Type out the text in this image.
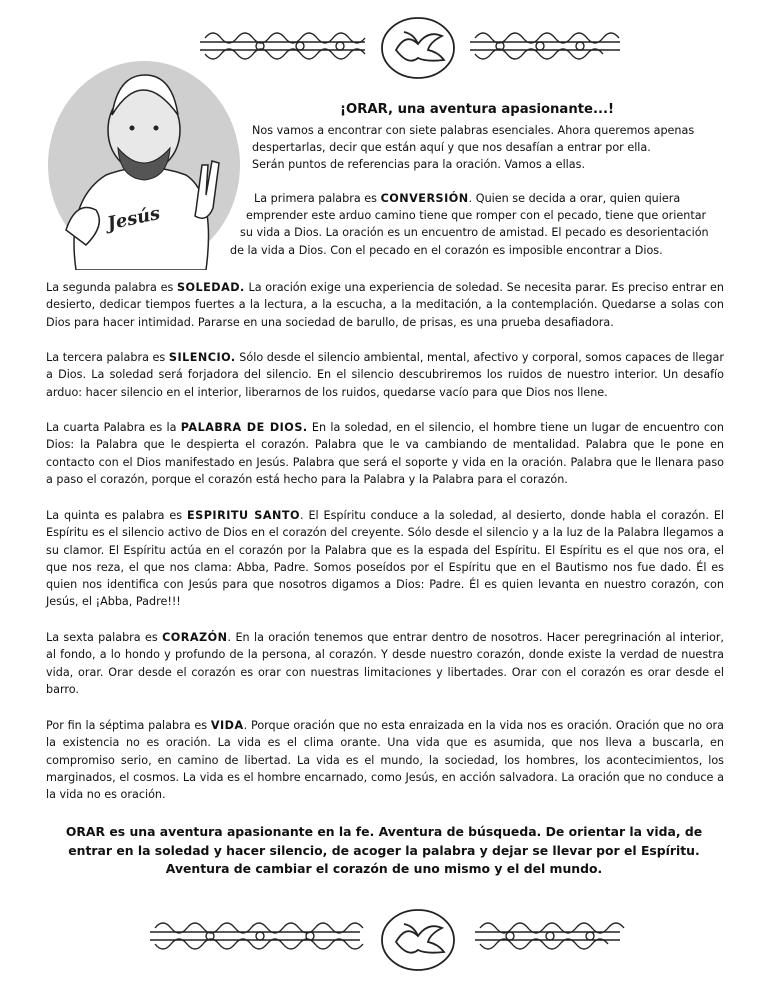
Jesús
¡ORAR, una aventura apasionante...!
Nos vamos a encontrar con siete palabras esenciales. Ahora queremos apenas
despertarlas, decir que están aquí y que nos desafían a entrar por ella.
Serán puntos de referencias para la oración. Vamos a ellas.
La primera palabra es CONVERSIÓN. Quien se decida a orar, quien quiera
emprender este arduo camino tiene que romper con el pecado, tiene que orientar
su vida a Dios. La oración es un encuentro de amistad. El pecado es desorientación
de la vida a Dios. Con el pecado en el corazón es imposible encontrar a Dios.
La segunda palabra es SOLEDAD. La oración exige una experiencia de soledad. Se necesita parar. Es preciso entrar en desierto, dedicar tiempos fuertes a la lectura, a la escucha, a la meditación, a la contemplación. Quedarse a solas con Dios para hacer intimidad. Pararse en una sociedad de barullo, de prisas, es una prueba desafiadora.
La tercera palabra es SILENCIO. Sólo desde el silencio ambiental, mental, afectivo y corporal, somos capaces de llegar a Dios. La soledad será forjadora del silencio. En el silencio descubriremos los ruidos de nuestro interior. Un desafío arduo: hacer silencio en el interior, liberarnos de los ruidos, quedarse vacío para que Dios nos llene.
La cuarta Palabra es la PALABRA DE DIOS. En la soledad, en el silencio, el hombre tiene un lugar de encuentro con Dios: la Palabra que le despierta el corazón. Palabra que le va cambiando de mentalidad. Palabra que le pone en contacto con el Dios manifestado en Jesús. Palabra que será el soporte y vida en la oración. Palabra que le llenara paso a paso el corazón, porque el corazón está hecho para la Palabra y la Palabra para el corazón.
La quinta es palabra es ESPIRITU SANTO. El Espíritu conduce a la soledad, al desierto, donde habla el corazón. El Espíritu es el silencio activo de Dios en el corazón del creyente. Sólo desde el silencio y a la luz de la Palabra llegamos a su clamor. El Espíritu actúa en el corazón por la Palabra que es la espada del Espíritu. El Espíritu es el que nos ora, el que nos reza, el que nos clama: Abba, Padre. Somos poseídos por el Espíritu que en el Bautismo nos fue dado. Él es quien nos identifica con Jesús para que nosotros digamos a Dios: Padre. Él es quien levanta en nuestro corazón, con Jesús, el ¡Abba, Padre!!!
La sexta palabra es CORAZÓN. En la oración tenemos que entrar dentro de nosotros. Hacer peregrinación al interior, al fondo, a lo hondo y profundo de la persona, al corazón. Y desde nuestro corazón, donde existe la verdad de nuestra vida, orar. Orar desde el corazón es orar con nuestras limitaciones y libertades. Orar con el corazón es orar desde el barro.
Por fin la séptima palabra es VIDA. Porque oración que no esta enraizada en la vida nos es oración. Oración que no ora la existencia no es oración. La vida es el clima orante. Una vida que es asumida, que nos lleva a buscarla, en compromiso serio, en camino de libertad. La vida es el mundo, la sociedad, los hombres, los acontecimientos, los marginados, el cosmos. La vida es el hombre encarnado, como Jesús, en acción salvadora. La oración que no conduce a la vida no es oración.
ORAR es una aventura apasionante en la fe. Aventura de búsqueda. De orientar la vida, de entrar en la soledad y hacer silencio, de acoger la palabra y dejar se llevar por el Espíritu. Aventura de cambiar el corazón de uno mismo y el del mundo.
